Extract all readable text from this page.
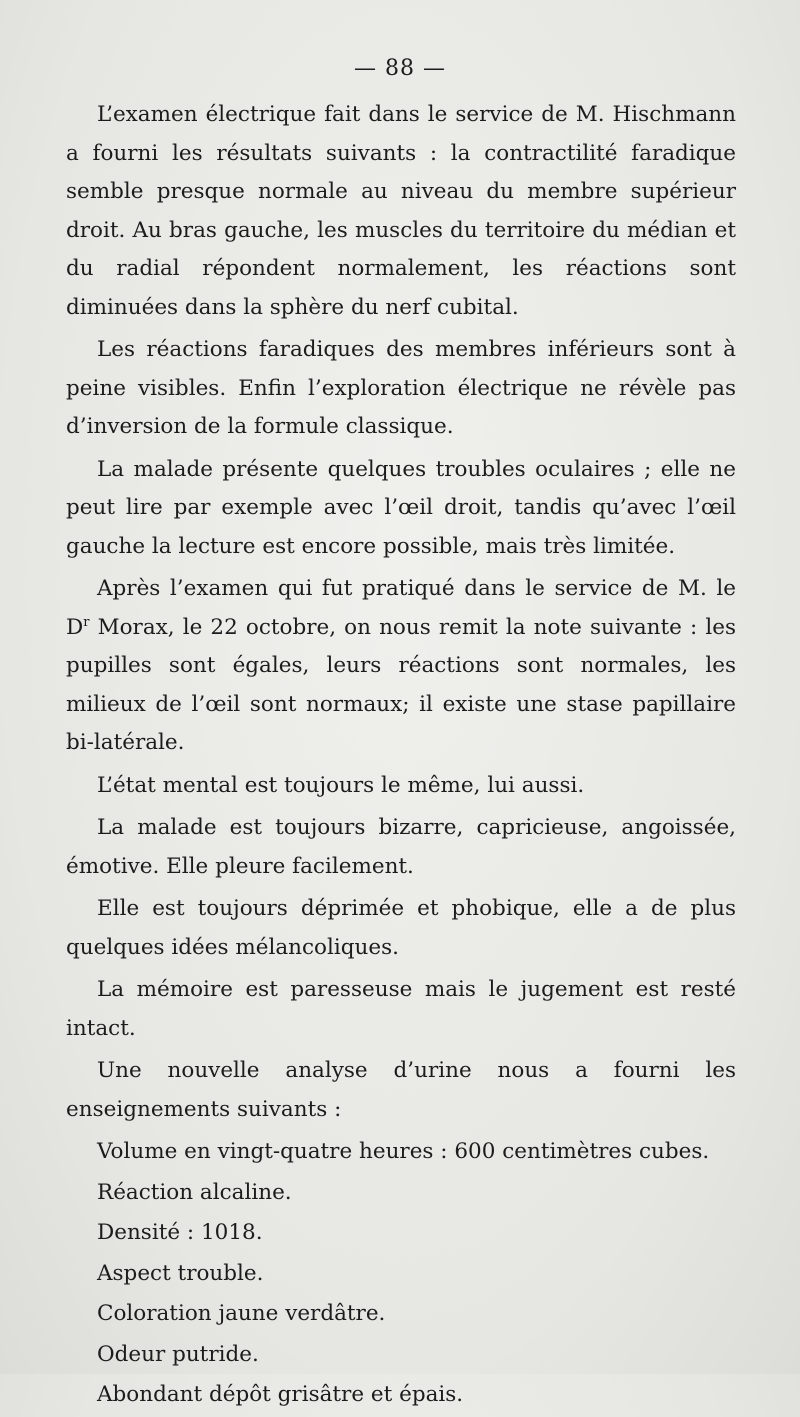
— 88 —

L’examen électrique fait dans le service de M. Hischmann a fourni les résultats suivants : la contractilité faradique semble presque normale au niveau du membre supérieur droit. Au bras gauche, les muscles du territoire du médian et du radial répondent normalement, les réactions sont diminuées dans la sphère du nerf cubital.

Les réactions faradiques des membres inférieurs sont à peine visibles. Enfin l’exploration électrique ne révèle pas d’inversion de la formule classique.

La malade présente quelques troubles oculaires ; elle ne peut lire par exemple avec l’œil droit, tandis qu’avec l’œil gauche la lecture est encore possible, mais très limitée.

Après l’examen qui fut pratiqué dans le service de M. le $D^r$ Morax, le 22 octobre, on nous remit la note suivante : les pupilles sont égales, leurs réactions sont normales, les milieux de l’œil sont normaux; il existe une stase papillaire bi-latérale.

L’état mental est toujours le même, lui aussi.

La malade est toujours bizarre, capricieuse, angoissée, émotive. Elle pleure facilement.

Elle est toujours déprimée et phobique, elle a de plus quelques idées mélancoliques.

La mémoire est paresseuse mais le jugement est resté intact.

Une nouvelle analyse d’urine nous a fourni les enseignements suivants :

Volume en vingt-quatre heures : 600 centimètres cubes.

Réaction alcaline.

Densité : 1018.

Aspect trouble.

Coloration jaune verdâtre.

Odeur putride.

Abondant dépôt grisâtre et épais.
